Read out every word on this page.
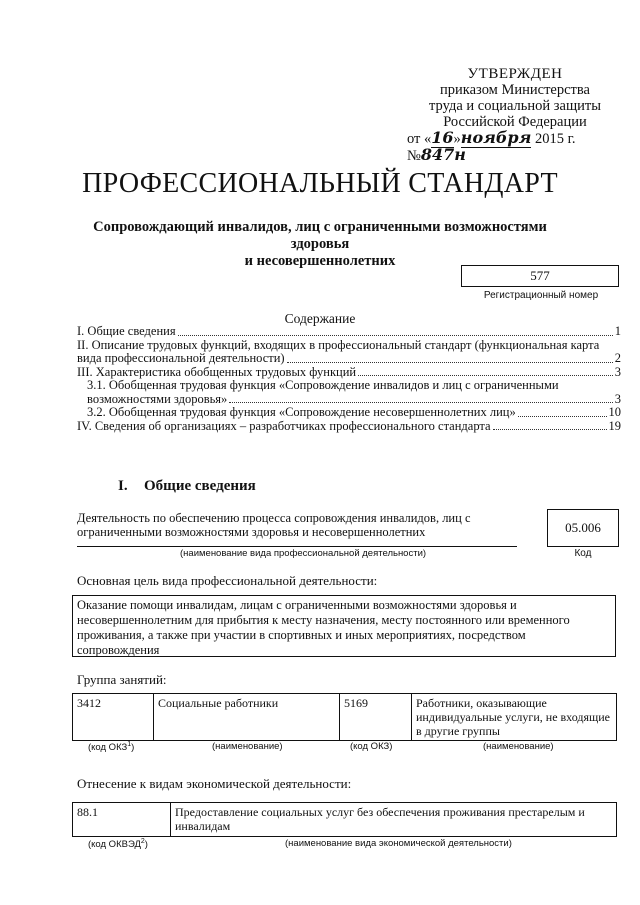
УТВЕРЖДЕН
приказом Министерства
труда и социальной защиты
Российской Федерации
от «16»ноября 2015 г. №847н
ПРОФЕССИОНАЛЬНЫЙ СТАНДАРТ
Сопровождающий инвалидов, лиц с ограниченными возможностями здоровья
и несовершеннолетних
577
Регистрационный номер
Содержание
I. Общие сведения	1
II. Описание трудовых функций, входящих в профессиональный стандарт (функциональная карта
вида профессиональной деятельности)	2
III. Характеристика обобщенных трудовых функций	3
3.1. Обобщенная трудовая функция «Сопровождение инвалидов и лиц с ограниченными
возможностями здоровья»	3
3.2. Обобщенная трудовая функция «Сопровождение несовершеннолетних лиц»	10
IV. Сведения об организациях – разработчиках профессионального стандарта	19
I. Общие сведения
Деятельность по обеспечению процесса сопровождения инвалидов, лиц с
ограниченными возможностями здоровья и несовершеннолетних
(наименование вида профессиональной деятельности)
05.006
Код
Основная цель вида профессиональной деятельности:
Оказание помощи инвалидам, лицам с ограниченными возможностями здоровья и
несовершеннолетним для прибытия к месту назначения, месту постоянного или временного
проживания, а также при участии в спортивных и иных мероприятиях, посредством
сопровождения
Группа занятий:
3412	Социальные работники	5169	Работники, оказывающие
индивидуальные услуги, не входящие
в другие группы
(код ОКЗ$^1$)	(наименование)	(код ОКЗ)	(наименование)
Отнесение к видам экономической деятельности:
88.1	Предоставление социальных услуг без обеспечения проживания престарелым и
инвалидам
(код ОКВЭД$^2$)	(наименование вида экономической деятельности)
